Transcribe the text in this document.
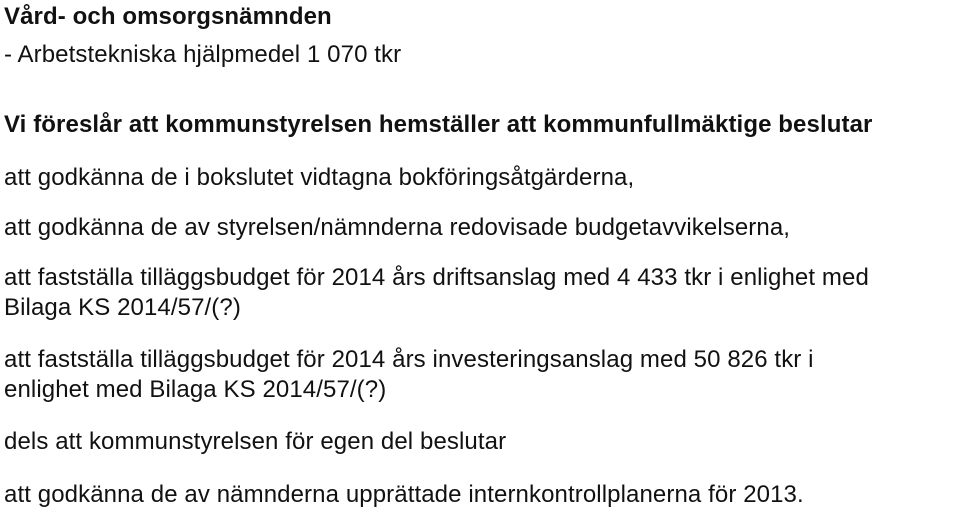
Vård- och omsorgsnämnden

- Arbetstekniska hjälpmedel 1 070 tkr

Vi föreslår att kommunstyrelsen hemställer att kommunfullmäktige beslutar

att godkänna de i bokslutet vidtagna bokföringsåtgärderna,

att godkänna de av styrelsen/nämnderna redovisade budgetavvikelserna,

att fastställa tilläggsbudget för 2014 års driftsanslag med 4 433 tkr i enlighet med

Bilaga KS 2014/57/(?)

att fastställa tilläggsbudget för 2014 års investeringsanslag med 50 826 tkr i

enlighet med Bilaga KS 2014/57/(?)

dels att kommunstyrelsen för egen del beslutar

att godkänna de av nämnderna upprättade internkontrollplanerna för 2013.
